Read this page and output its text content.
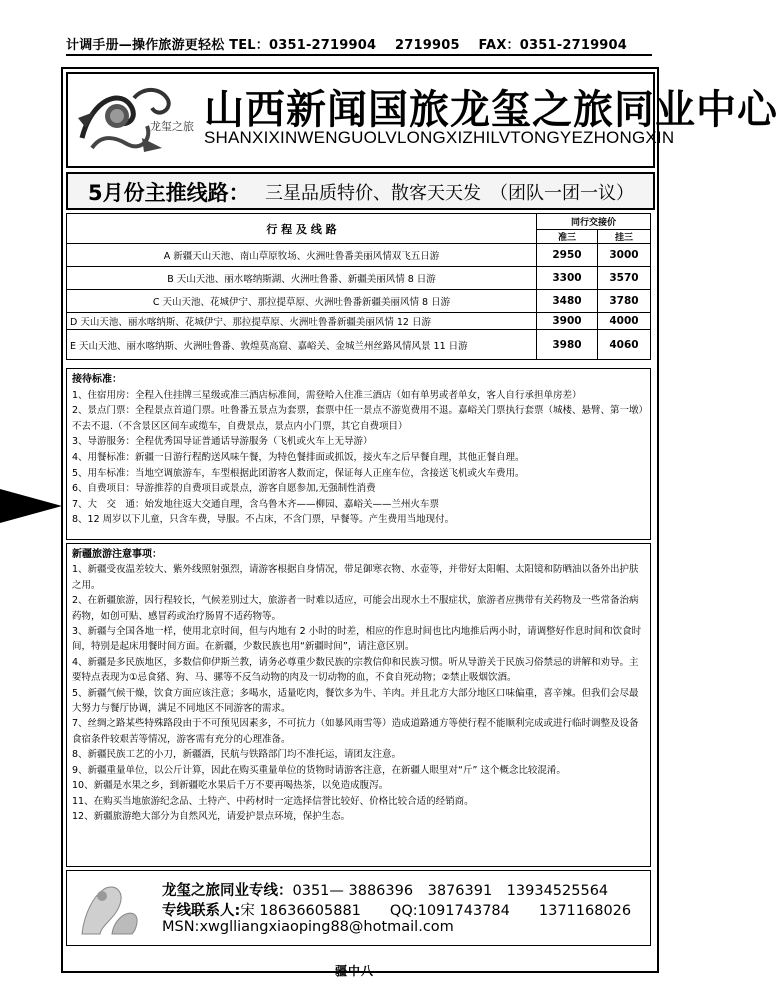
计调手册—操作旅游更轻松 TEL：0351-2719904 2719905 FAX：0351-2719904
龙玺之旅 山西新闻国旅龙玺之旅同业中心
SHANXIXINWENGUOLVLONGXIZHILVTONGYEZHONGXIN
5月份主推线路： 三星品质特价、散客天天发　（团队一团一议）
行 程 及 线 路	同行交接价	
	准三	挂三
A 新疆天山天池、南山草原牧场、火洲吐鲁番美丽风情双飞五日游	2950	3000
B 天山天池、丽水喀纳斯湖、火洲吐鲁番、新疆美丽风情 8 日游	3300	3570
C 天山天池、花城伊宁、那拉提草原、火洲吐鲁番新疆美丽风情 8 日游	3480	3780
D 天山天池、丽水喀纳斯、花城伊宁、那拉提草原、火洲吐鲁番新疆美丽风情 12 日游	3900	4000
E 天山天池、丽水喀纳斯、火洲吐鲁番、敦煌莫高窟、嘉峪关、金城兰州丝路风情风景 11 日游	3980	4060

接待标准：

1、住宿用房：全程入住挂牌三星级或准三酒店标准间，需登哈入住准三酒店（如有单男或者单女，客人自行承担单房差）

2、景点门票：全程景点首道门票。吐鲁番五景点为套票，套票中任一景点不游览费用不退。嘉峪关门票执行套票（城楼、悬臂、第一墩）不去不退.（不含景区区间车或缆车，自费景点，景点内小门票，其它自费项目）

3、导游服务：全程优秀国导证普通话导游服务（飞机或火车上无导游）

4、用餐标准：新疆一日游行程酌送风味午餐，为特色餐排面或抓饭，接火车之后早餐自理，其他正餐自理。

5、用车标准：当地空调旅游车，车型根据此团游客人数而定，保证每人正座车位，含接送飞机或火车费用。

6、自费项目：导游推荐的自费项目或景点，游客自愿参加,无强制性消费

7、大　交　通：始发地往返大交通自理，含乌鲁木齐——柳园、嘉峪关——兰州火车票

8、12 周岁以下儿童，只含车费，导服。不占床，不含门票，早餐等。产生费用当地现付。

新疆旅游注意事项：

1、新疆受夜温差较大、紫外线照射强烈，请游客根据自身情况，带足御寒衣物、水壶等，并带好太阳帽、太阳镜和防晒油以备外出护肤之用。

2、在新疆旅游，因行程较长，气候差别过大，旅游者一时难以适应，可能会出现水土不服症状，旅游者应携带有关药物及一些常备治病药物，如创可贴、感冒药或治疗肠胃不适药物等。

3、新疆与全国各地一样，使用北京时间，但与内地有 2 小时的时差，相应的作息时间也比内地推后两小时，请调整好作息时间和饮食时间，特别是起床用餐时间方面。在新疆，少数民族也用“新疆时间”，请注意区别。

4、新疆是多民族地区，多数信仰伊斯兰教，请务必尊重少数民族的宗教信仰和民族习惯。听从导游关于民族习俗禁忌的讲解和劝导。主要特点表现为①忌食猪、狗、马、骡等不反刍动物的肉及一切动物的血，不食自死动物；②禁止吸烟饮酒。

5、新疆气候干燥，饮食方面应该注意；多喝水，适量吃肉，餐饮多为牛、羊肉。并且北方大部分地区口味偏重，喜辛辣。但我们会尽最大努力与餐厅协调，满足不同地区不同游客的需求。

7、丝绸之路某些特殊路段由于不可预见因素多，不可抗力（如暴风雨雪等）造成道路通方等使行程不能顺利完成或进行临时调整及设备食宿条件较艰苦等情况，游客需有充分的心理准备。

8、新疆民族工艺的小刀，新疆酒，民航与铁路部门均不准托运，请团友注意。

9、新疆重量单位，以公斤计算，因此在购买重量单位的货物时请游客注意，在新疆人眼里对“斤” 这个概念比较混淆。

10、新疆是水果之乡，到新疆吃水果后千万不要再喝热茶，以免造成腹泻。

11、在购买当地旅游纪念品、土特产、中药材时一定选择信誉比较好、价格比较合适的经销商。

12、新疆旅游绝大部分为自然风光，请爱护景点环境，保护生态。

龙玺之旅同业专线：0351— 3886396　3876391　13934525564
专线联系人:宋 18636605881　　QQ:1091743784　　1371168026
MSN:xwglliangxiaoping88@hotmail.com
疆中八
